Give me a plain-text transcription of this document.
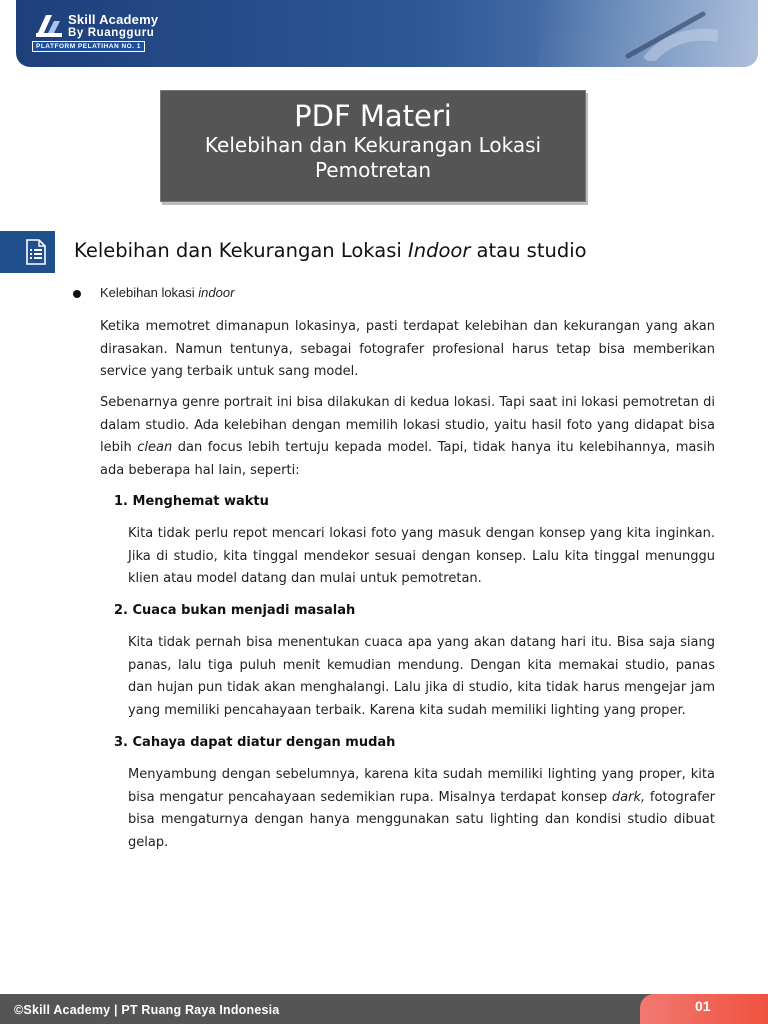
Skill Academy
By Ruangguru
PLATFORM PELATIHAN NO. 1
PDF Materi
Kelebihan dan Kekurangan Lokasi
Pemotretan
Kelebihan dan Kekurangan Lokasi Indoor atau studio
Kelebihan lokasi indoor
Ketika memotret dimanapun lokasinya, pasti terdapat kelebihan dan kekurangan yang akan dirasakan. Namun tentunya, sebagai fotografer profesional harus tetap bisa memberikan service yang terbaik untuk sang model.
Sebenarnya genre portrait ini bisa dilakukan di kedua lokasi. Tapi saat ini lokasi pemotretan di dalam studio. Ada kelebihan dengan memilih lokasi studio, yaitu hasil foto yang didapat bisa lebih clean dan focus lebih tertuju kepada model. Tapi, tidak hanya itu kelebihannya, masih ada beberapa hal lain, seperti:
1. Menghemat waktu
Kita tidak perlu repot mencari lokasi foto yang masuk dengan konsep yang kita inginkan. Jika di studio, kita tinggal mendekor sesuai dengan konsep. Lalu kita tinggal menunggu klien atau model datang dan mulai untuk pemotretan.
2. Cuaca bukan menjadi masalah
Kita tidak pernah bisa menentukan cuaca apa yang akan datang hari itu. Bisa saja siang panas, lalu tiga puluh menit kemudian mendung. Dengan kita memakai studio, panas dan hujan pun tidak akan menghalangi. Lalu jika di studio, kita tidak harus mengejar jam yang memiliki pencahayaan terbaik. Karena kita sudah memiliki lighting yang proper.
3. Cahaya dapat diatur dengan mudah
Menyambung dengan sebelumnya, karena kita sudah memiliki lighting yang proper, kita bisa mengatur pencahayaan sedemikian rupa. Misalnya terdapat konsep dark, fotografer bisa mengaturnya dengan hanya menggunakan satu lighting dan kondisi studio dibuat gelap.
©Skill Academy | PT Ruang Raya Indonesia	01
